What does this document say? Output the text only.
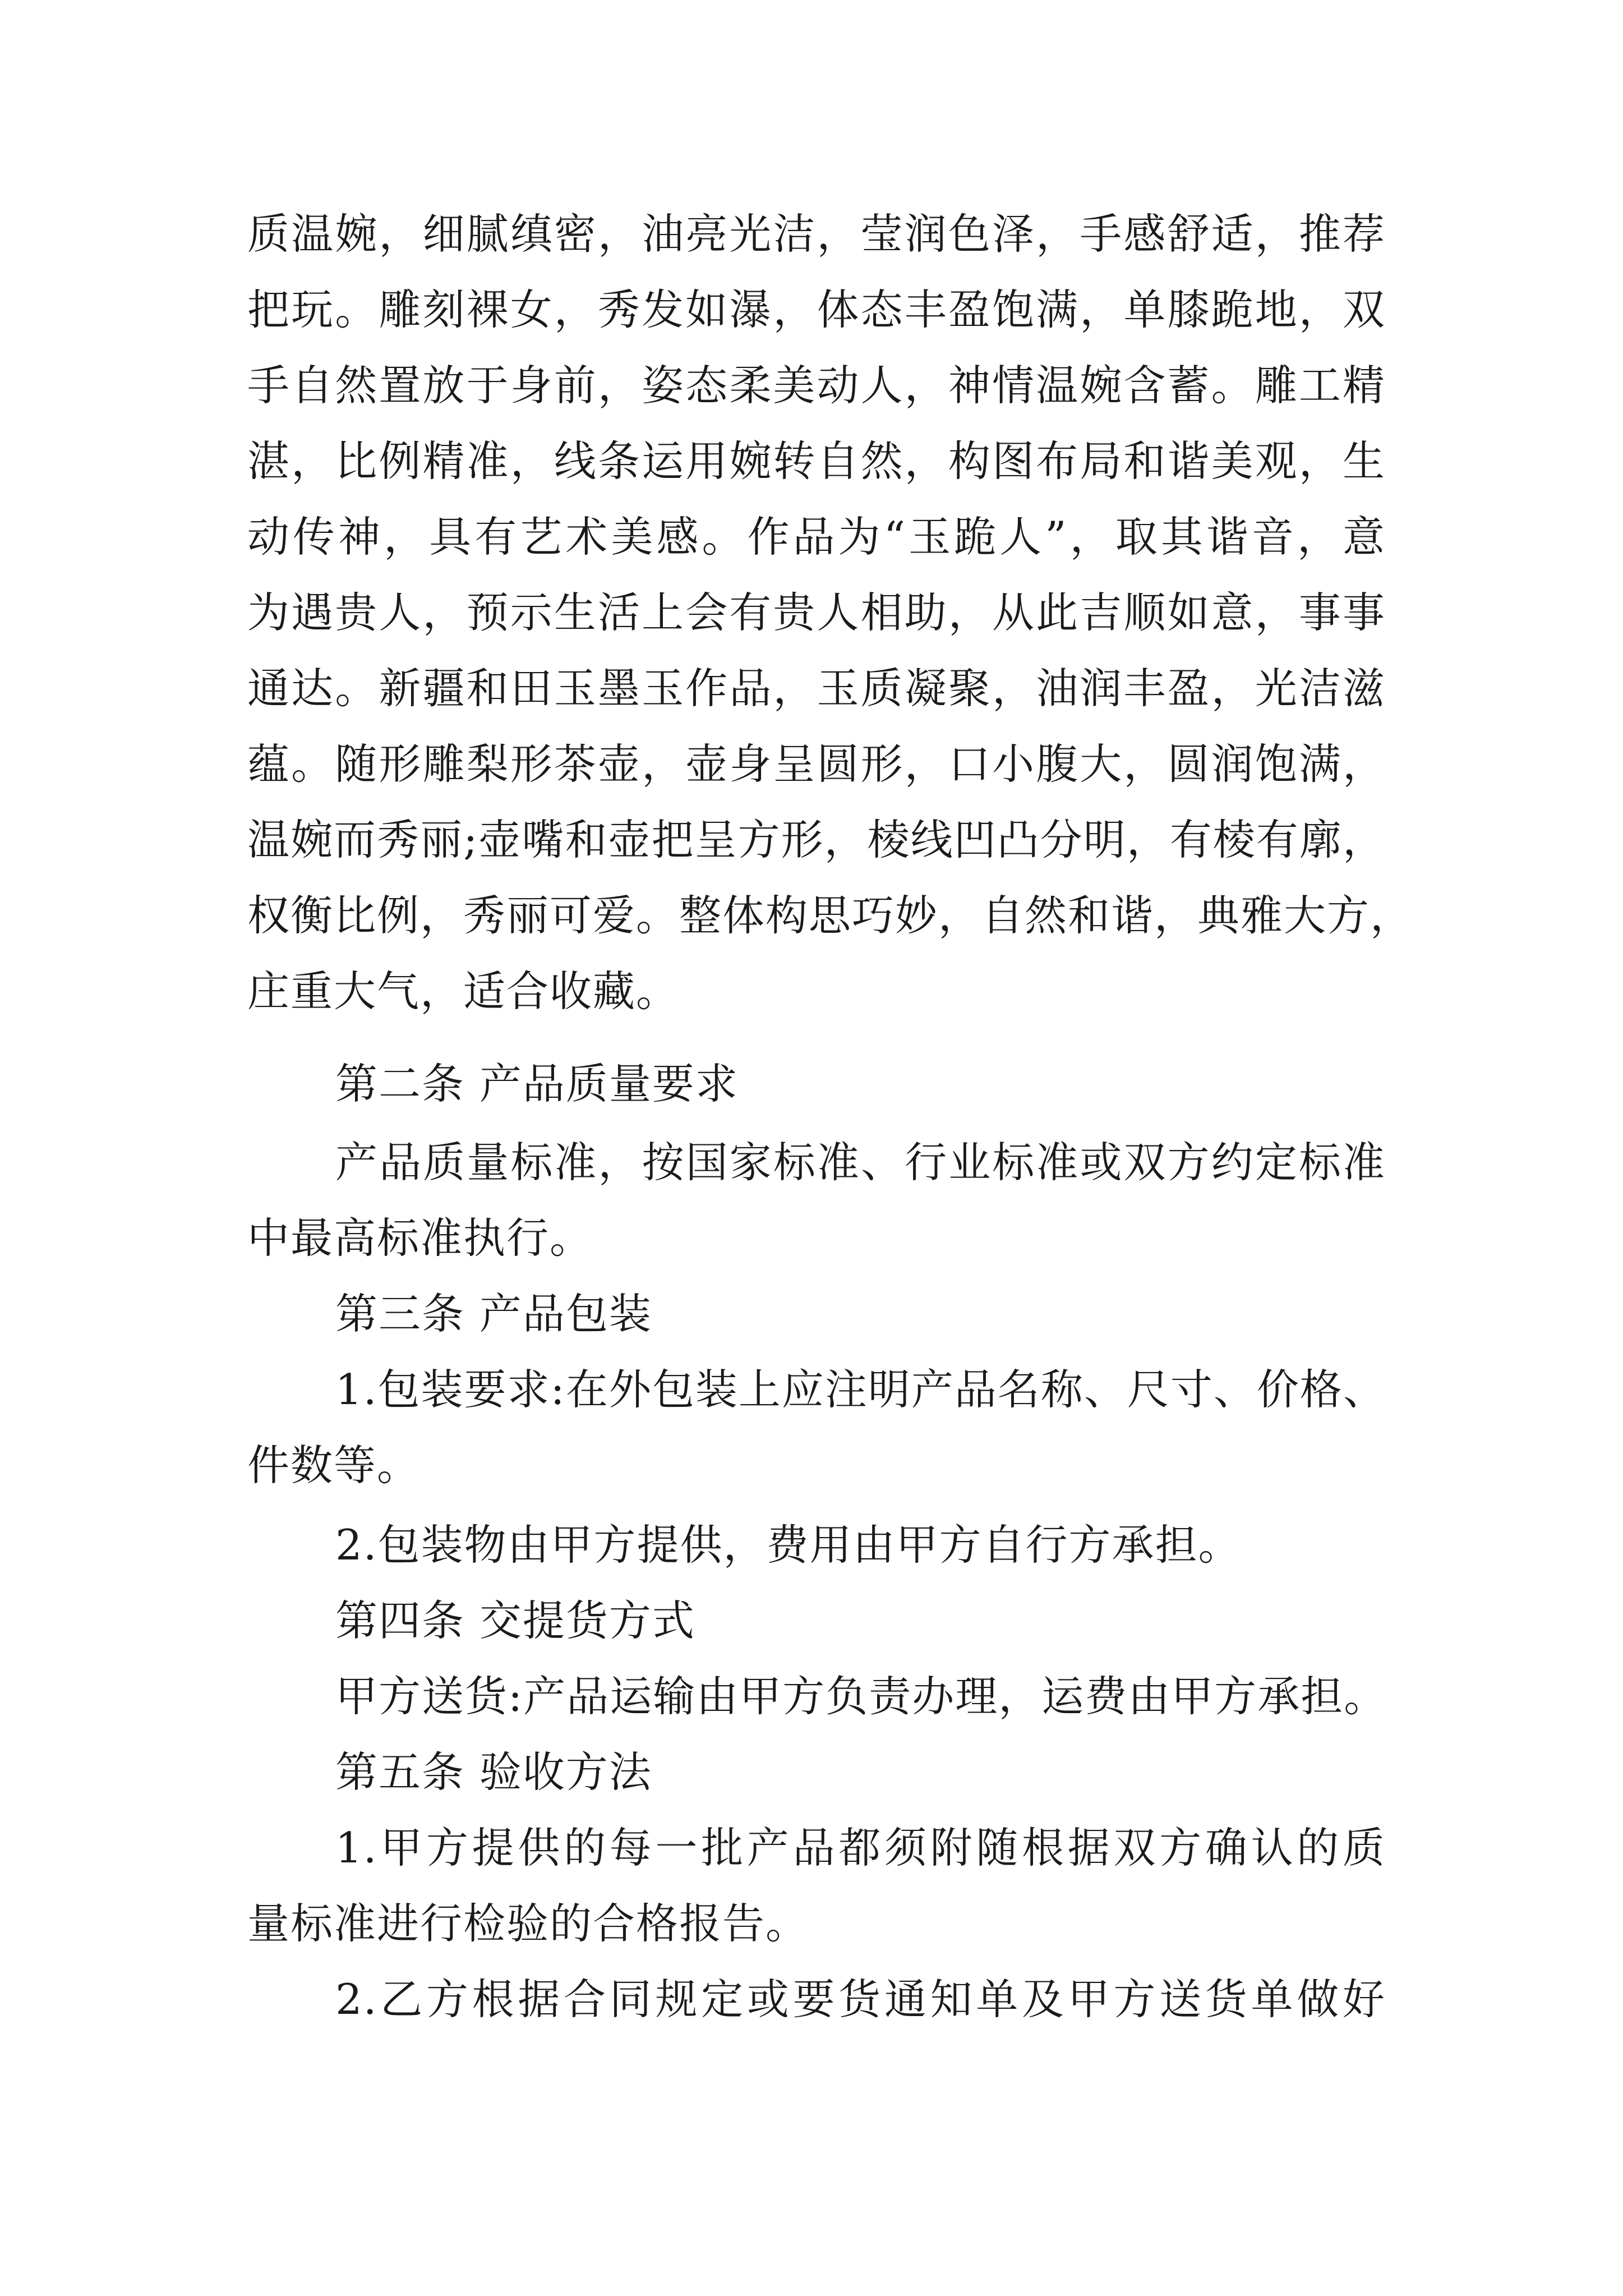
质温婉，细腻缜密，油亮光洁，莹润色泽，手感舒适，推荐

把玩。雕刻裸女，秀发如瀑，体态丰盈饱满，单膝跪地，双

手自然置放于身前，姿态柔美动人，神情温婉含蓄。雕工精

湛，比例精准，线条运用婉转自然，构图布局和谐美观，生

动传神，具有艺术美感。作品为“玉跪人”，取其谐音，意

为遇贵人，预示生活上会有贵人相助，从此吉顺如意，事事

通达。新疆和田玉墨玉作品，玉质凝聚，油润丰盈，光洁滋

蕴。随形雕梨形茶壶，壶身呈圆形，口小腹大，圆润饱满，

温婉而秀丽;壶嘴和壶把呈方形，棱线凹凸分明，有棱有廓，

权衡比例，秀丽可爱。整体构思巧妙，自然和谐，典雅大方，

庄重大气，适合收藏。

第二条 产品质量要求

产品质量标准，按国家标准、行业标准或双方约定标准

中最高标准执行。

第三条 产品包装

1.包装要求:在外包装上应注明产品名称、尺寸、价格、

件数等。

2.包装物由甲方提供，费用由甲方自行方承担。

第四条 交提货方式

甲方送货:产品运输由甲方负责办理，运费由甲方承担。

第五条 验收方法

1.甲方提供的每一批产品都须附随根据双方确认的质

量标准进行检验的合格报告。

2.乙方根据合同规定或要货通知单及甲方送货单做好
